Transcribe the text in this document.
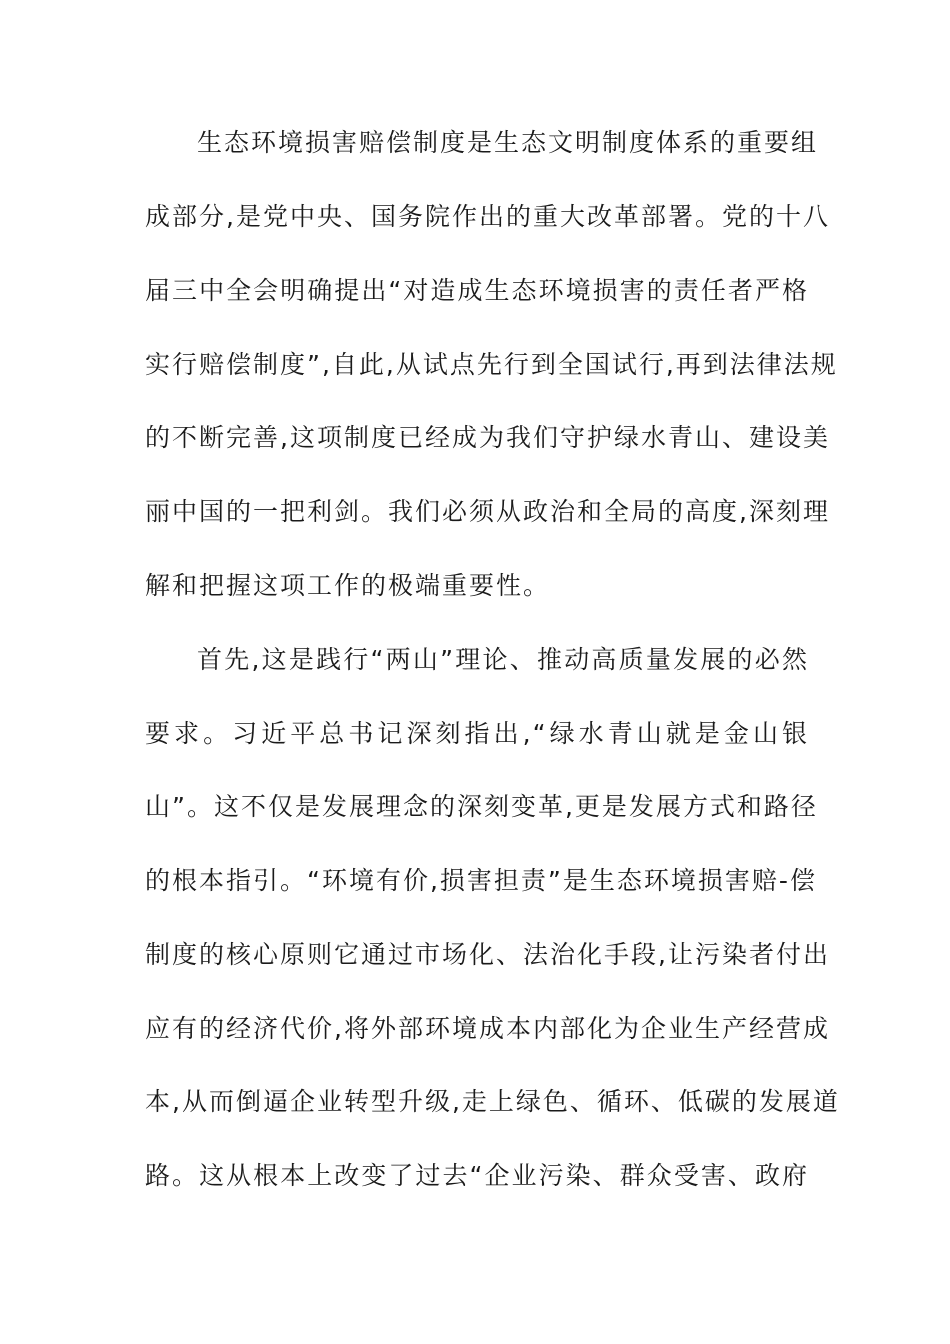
生态环境损害赔偿制度是生态文明制度体系的重要组
成部分,是党中央、国务院作出的重大改革部署。党的十八
届三中全会明确提出“对造成生态环境损害的责任者严格
实行赔偿制度”,自此,从试点先行到全国试行,再到法律法规
的不断完善,这项制度已经成为我们守护绿水青山、建设美
丽中国的一把利剑。我们必须从政治和全局的高度,深刻理
解和把握这项工作的极端重要性。
首先,这是践行“两山”理论、推动高质量发展的必然
要求。习近平总书记深刻指出,“绿水青山就是金山银
山”。这不仅是发展理念的深刻变革,更是发展方式和路径
的根本指引。“环境有价,损害担责”是生态环境损害赔-偿
制度的核心原则它通过市场化、法治化手段,让污染者付出
应有的经济代价,将外部环境成本内部化为企业生产经营成
本,从而倒逼企业转型升级,走上绿色、循环、低碳的发展道
路。这从根本上改变了过去“企业污染、群众受害、政府
